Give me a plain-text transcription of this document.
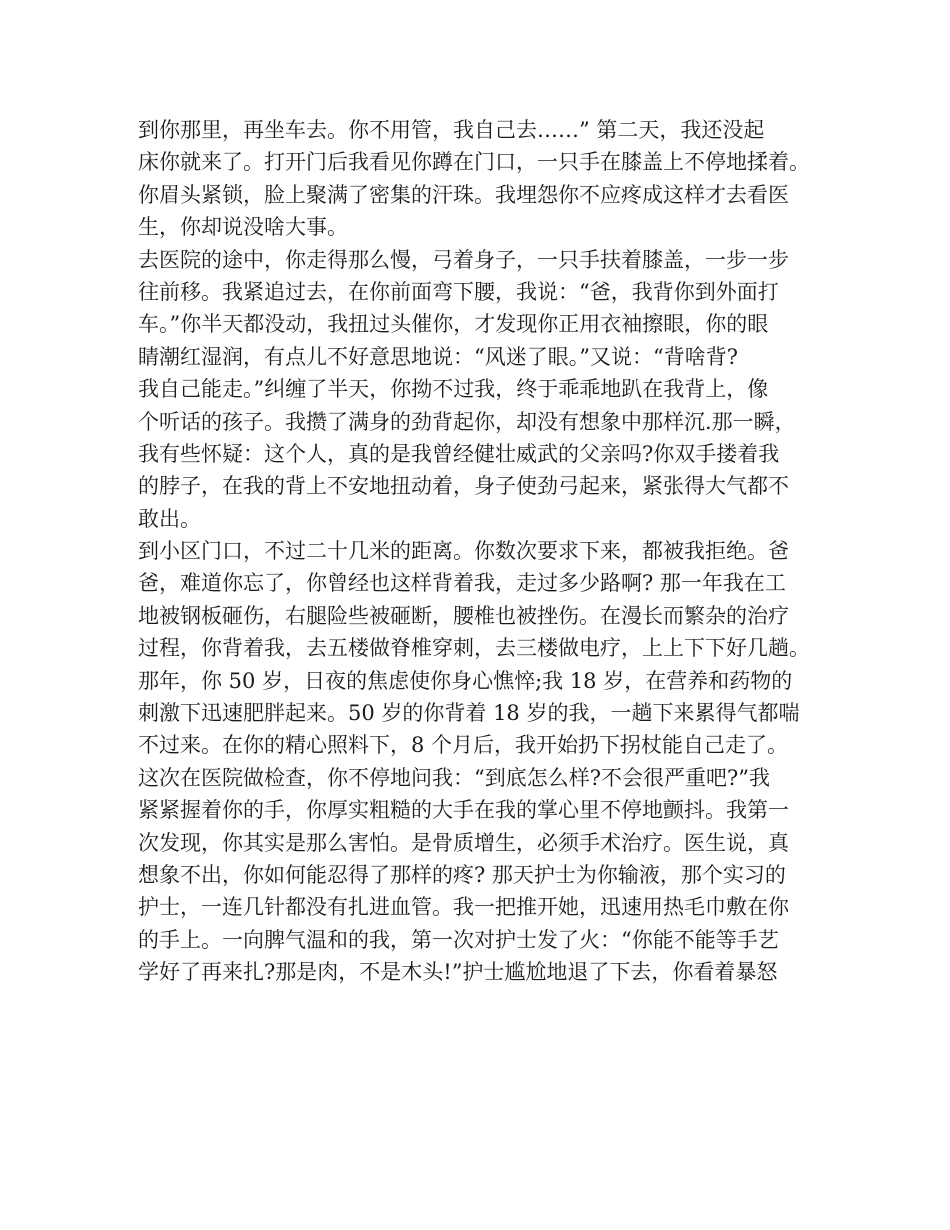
到你那里，再坐车去。你不用管，我自己去……” 第二天，我还没起
床你就来了。打开门后我看见你蹲在门口，一只手在膝盖上不停地揉着。
你眉头紧锁，脸上聚满了密集的汗珠。我埋怨你不应疼成这样才去看医
生，你却说没啥大事。
去医院的途中，你走得那么慢，弓着身子，一只手扶着膝盖，一步一步
往前移。我紧追过去，在你前面弯下腰，我说：“爸，我背你到外面打
车。”你半天都没动，我扭过头催你，才发现你正用衣袖擦眼，你的眼
睛潮红湿润，有点儿不好意思地说：“风迷了眼。”又说：“背啥背?
我自己能走。”纠缠了半天，你拗不过我，终于乖乖地趴在我背上，像
个听话的孩子。我攒了满身的劲背起你，却没有想象中那样沉.那一瞬，
我有些怀疑：这个人，真的是我曾经健壮威武的父亲吗?你双手搂着我
的脖子，在我的背上不安地扭动着，身子使劲弓起来，紧张得大气都不
敢出。
到小区门口，不过二十几米的距离。你数次要求下来，都被我拒绝。爸
爸，难道你忘了，你曾经也这样背着我，走过多少路啊? 那一年我在工
地被钢板砸伤，右腿险些被砸断，腰椎也被挫伤。在漫长而繁杂的治疗
过程，你背着我，去五楼做脊椎穿刺，去三楼做电疗，上上下下好几趟。
那年，你 50 岁，日夜的焦虑使你身心憔悴;我 18 岁，在营养和药物的
刺激下迅速肥胖起来。50 岁的你背着 18 岁的我，一趟下来累得气都喘
不过来。在你的精心照料下，8 个月后，我开始扔下拐杖能自己走了。
这次在医院做检查，你不停地问我：“到底怎么样?不会很严重吧?”我
紧紧握着你的手，你厚实粗糙的大手在我的掌心里不停地颤抖。我第一
次发现，你其实是那么害怕。是骨质增生，必须手术治疗。医生说，真
想象不出，你如何能忍得了那样的疼? 那天护士为你输液，那个实习的
护士，一连几针都没有扎进血管。我一把推开她，迅速用热毛巾敷在你
的手上。一向脾气温和的我，第一次对护士发了火：“你能不能等手艺
学好了再来扎?那是肉，不是木头!”护士尴尬地退了下去，你看着暴怒
